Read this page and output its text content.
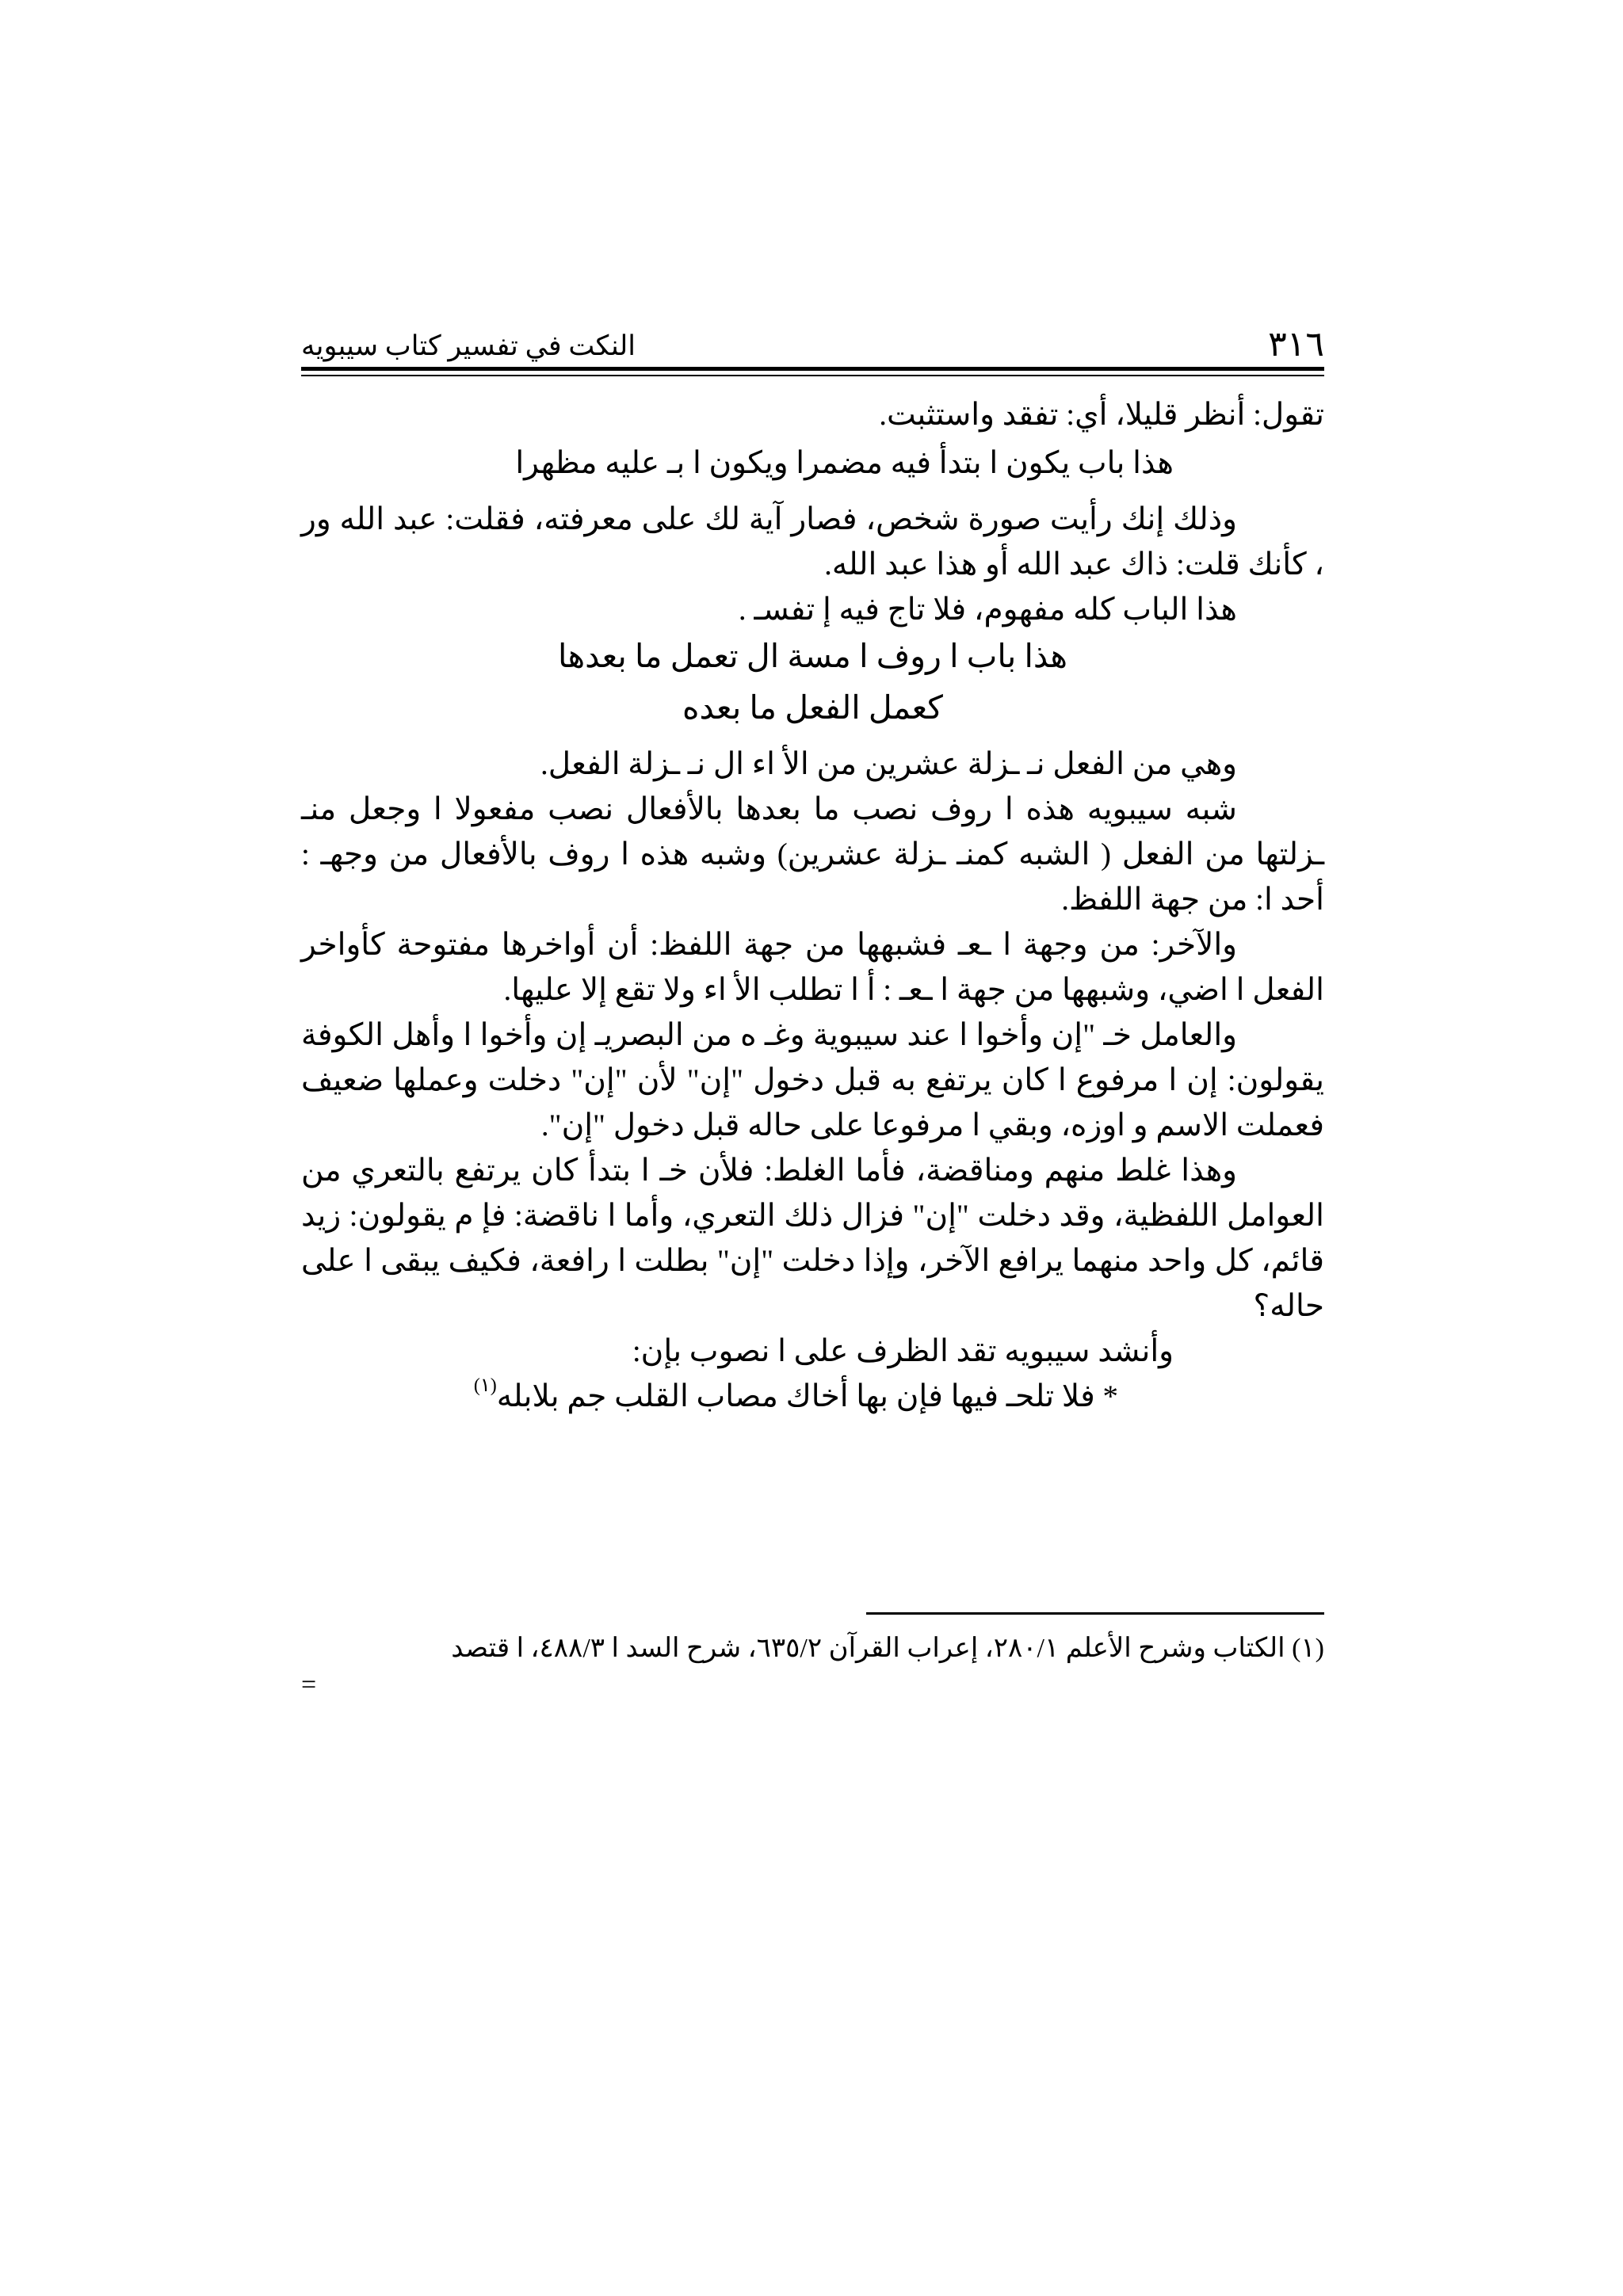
٣١٦
النكت في تفسير كتاب سيبويه

تقول: أنظر قليلا، أي: تفقد واستثبت.

هذا باب يكون ا بتدأ فيه مضمرا ويكون ا بـ عليه مظهرا

وذلك إنك رأيت صورة شخص، فصار آية لك على معرفته، فقلت: عبد الله ور ، كأنك قلت: ذاك عبد الله أو هذا عبد الله.

هذا الباب كله مفهوم، فلا تاج فيه إ تفسـ .

هذا باب ا روف ا مسة ال تعمل ما بعدها

كعمل الفعل ما بعده

وهي من الفعل نـ ـزلة عشرين من الأ اء ال نـ ـزلة الفعل.

شبه سيبويه هذه ا روف نصب ما بعدها بالأفعال نصب مفعولا ا وجعل منـ ـزلتها من الفعل ( الشبه كمنـ ـزلة عشرين) وشبه هذه ا روف بالأفعال من وجهـ : أحد ا: من جهة اللفظ.

والآخر: من وجهة ا ـعـ فشبهها من جهة اللفظ: أن أواخرها مفتوحة كأواخر الفعل ا اضي، وشبهها من جهة ا ـعـ : أ ا تطلب الأ اء ولا تقع إلا عليها.

والعامل خـ "إن وأخوا ا عند سيبوية وغـ ه من البصريـ إن وأخوا ا وأهل الكوفة يقولون: إن ا مرفوع ا كان يرتفع به قبل دخول "إن" لأن "إن" دخلت وعملها ضعيف فعملت الاسم و اوزه، وبقي ا مرفوعا على حاله قبل دخول "إن".

وهذا غلط منهم ومناقضة، فأما الغلط: فلأن خـ ا بتدأ كان يرتفع بالتعري من العوامل اللفظية، وقد دخلت "إن" فزال ذلك التعري، وأما ا ناقضة: فإ م يقولون: زيد قائم، كل واحد منهما يرافع الآخر، وإذا دخلت "إن" بطلت ا رافعة، فكيف يبقى ا على حاله؟

وأنشد سيبويه تقد الظرف على ا نصوب بإن:

* فلا تلحـ فيها فإن بها أخاك مصاب القلب جم بلابله$^{(١)}$

(١) الكتاب وشرح الأعلم ٢٨٠/١، إعراب القرآن ٦٣٥/٢، شرح السد ا ٤٨٨/٣، ا قتصد

=
